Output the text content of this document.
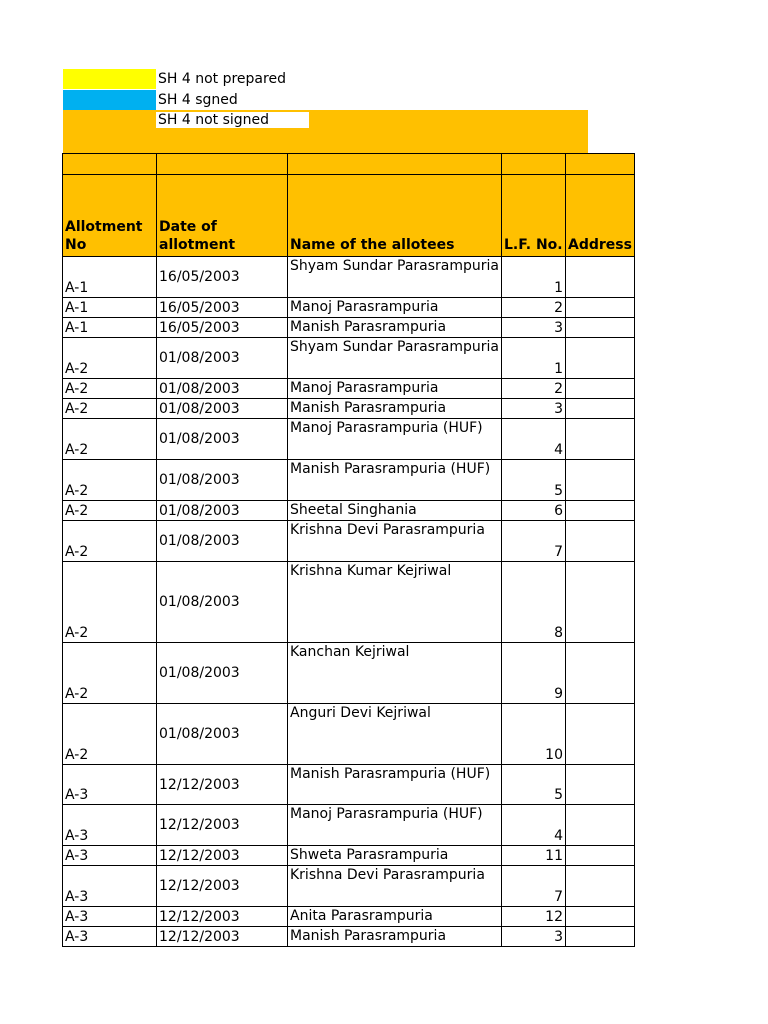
SH 4 not prepared
SH 4 sgned
SH 4 not signed

Allotment No	Date of allotment	Name of the allotees	L.F. No.	Address
A-1	16/05/2003	Shyam Sundar Parasrampuria	1	
A-1	16/05/2003	Manoj Parasrampuria	2	
A-1	16/05/2003	Manish Parasrampuria	3	
A-2	01/08/2003	Shyam Sundar Parasrampuria	1	
A-2	01/08/2003	Manoj Parasrampuria	2	
A-2	01/08/2003	Manish Parasrampuria	3	
A-2	01/08/2003	Manoj Parasrampuria (HUF)	4	
A-2	01/08/2003	Manish Parasrampuria (HUF)	5	
A-2	01/08/2003	Sheetal Singhania	6	
A-2	01/08/2003	Krishna Devi Parasrampuria	7	
A-2	01/08/2003	Krishna Kumar Kejriwal	8	
A-2	01/08/2003	Kanchan Kejriwal	9	
A-2	01/08/2003	Anguri Devi Kejriwal	10	
A-3	12/12/2003	Manish Parasrampuria (HUF)	5	
A-3	12/12/2003	Manoj Parasrampuria (HUF)	4	
A-3	12/12/2003	Shweta Parasrampuria	11	
A-3	12/12/2003	Krishna Devi Parasrampuria	7	
A-3	12/12/2003	Anita Parasrampuria	12	
A-3	12/12/2003	Manish Parasrampuria	3	
